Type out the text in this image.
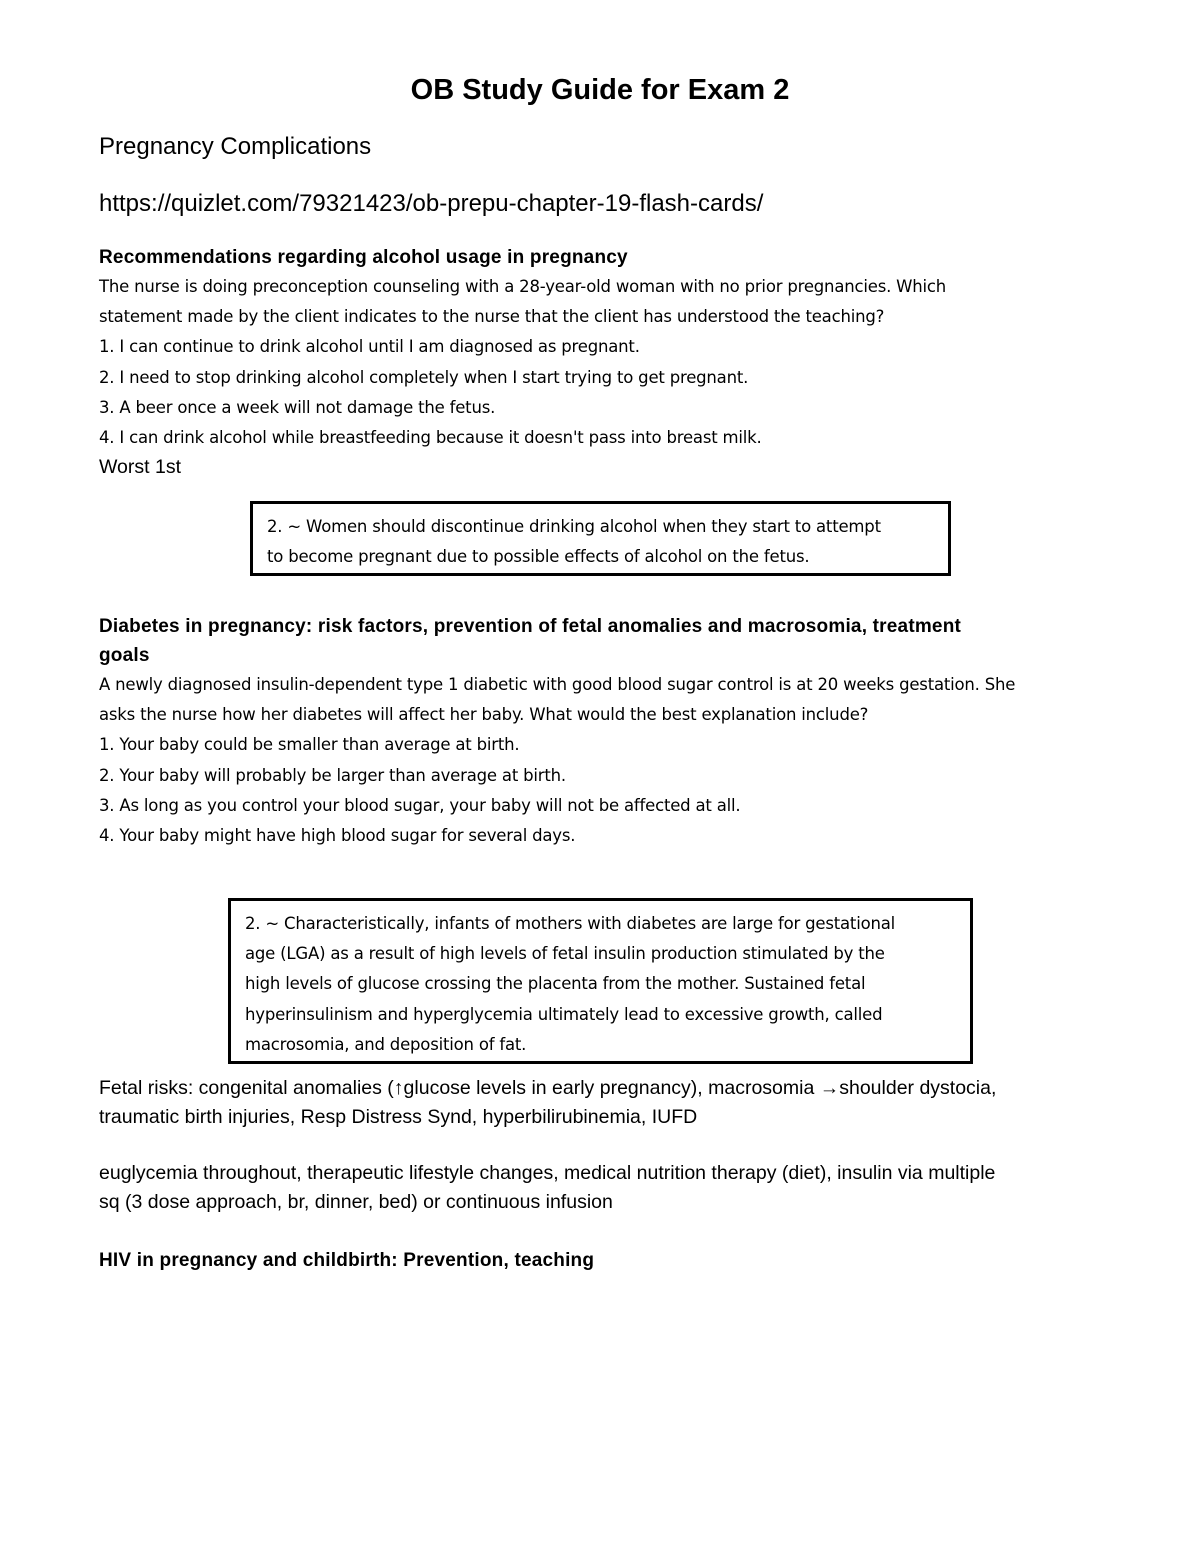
OB Study Guide for Exam 2
Pregnancy Complications
https://quizlet.com/79321423/ob-prepu-chapter-19-flash-cards/
Recommendations regarding alcohol usage in pregnancy
The nurse is doing preconception counseling with a 28-year-old woman with no prior pregnancies. Which
statement made by the client indicates to the nurse that the client has understood the teaching?
1. I can continue to drink alcohol until I am diagnosed as pregnant.
2. I need to stop drinking alcohol completely when I start trying to get pregnant.
3. A beer once a week will not damage the fetus.
4. I can drink alcohol while breastfeeding because it doesn't pass into breast milk.
Worst 1st
2. ~ Women should discontinue drinking alcohol when they start to attempt
to become pregnant due to possible effects of alcohol on the fetus.
Diabetes in pregnancy: risk factors, prevention of fetal anomalies and macrosomia, treatment
goals
A newly diagnosed insulin-dependent type 1 diabetic with good blood sugar control is at 20 weeks gestation. She
asks the nurse how her diabetes will affect her baby. What would the best explanation include?
1. Your baby could be smaller than average at birth.
2. Your baby will probably be larger than average at birth.
3. As long as you control your blood sugar, your baby will not be affected at all.
4. Your baby might have high blood sugar for several days.
2. ~ Characteristically, infants of mothers with diabetes are large for gestational
age (LGA) as a result of high levels of fetal insulin production stimulated by the
high levels of glucose crossing the placenta from the mother. Sustained fetal
hyperinsulinism and hyperglycemia ultimately lead to excessive growth, called
macrosomia, and deposition of fat.
Fetal risks: congenital anomalies (↑glucose levels in early pregnancy), macrosomia →shoulder dystocia,
traumatic birth injuries, Resp Distress Synd, hyperbilirubinemia, IUFD
euglycemia throughout, therapeutic lifestyle changes, medical nutrition therapy (diet), insulin via multiple
sq (3 dose approach, br, dinner, bed) or continuous infusion
HIV in pregnancy and childbirth: Prevention, teaching
